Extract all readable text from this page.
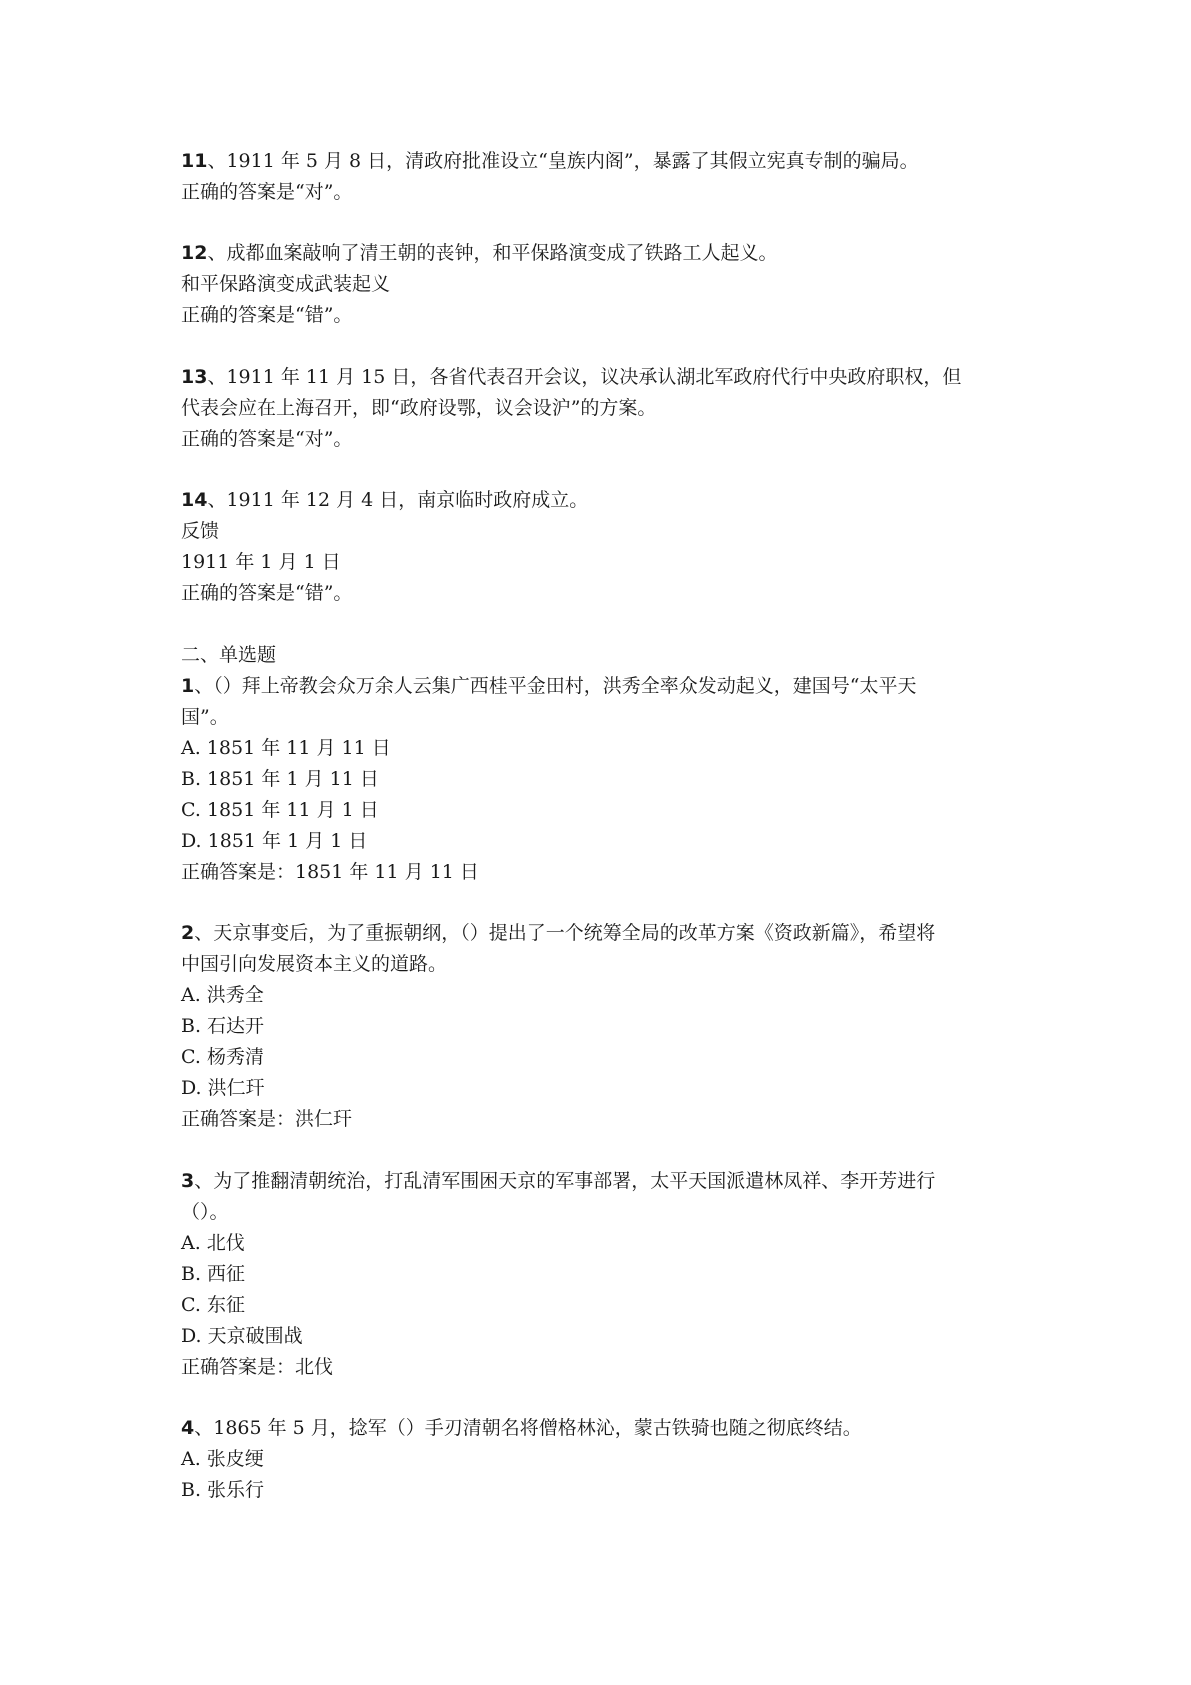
11、1911 年 5 月 8 日，清政府批准设立“皇族内阁”，暴露了其假立宪真专制的骗局。
正确的答案是“对”。
12、成都血案敲响了清王朝的丧钟，和平保路演变成了铁路工人起义。
和平保路演变成武装起义
正确的答案是“错”。
13、1911 年 11 月 15 日，各省代表召开会议，议决承认湖北军政府代行中央政府职权，但
代表会应在上海召开，即“政府设鄂，议会设沪”的方案。
正确的答案是“对”。
14、1911 年 12 月 4 日，南京临时政府成立。
反馈
1911 年 1 月 1 日
正确的答案是“错”。
二、单选题
1、（）拜上帝教会众万余人云集广西桂平金田村，洪秀全率众发动起义，建国号“太平天
国”。
A. 1851 年 11 月 11 日
B. 1851 年 1 月 11 日
C. 1851 年 11 月 1 日
D. 1851 年 1 月 1 日
正确答案是：1851 年 11 月 11 日
2、天京事变后，为了重振朝纲，（）提出了一个统筹全局的改革方案《资政新篇》，希望将
中国引向发展资本主义的道路。
A. 洪秀全
B. 石达开
C. 杨秀清
D. 洪仁玕
正确答案是：洪仁玕
3、为了推翻清朝统治，打乱清军围困天京的军事部署，太平天国派遣林凤祥、李开芳进行
（）。
A. 北伐
B. 西征
C. 东征
D. 天京破围战
正确答案是：北伐
4、1865 年 5 月，捻军（）手刃清朝名将僧格林沁，蒙古铁骑也随之彻底终结。
A. 张皮绠
B. 张乐行
